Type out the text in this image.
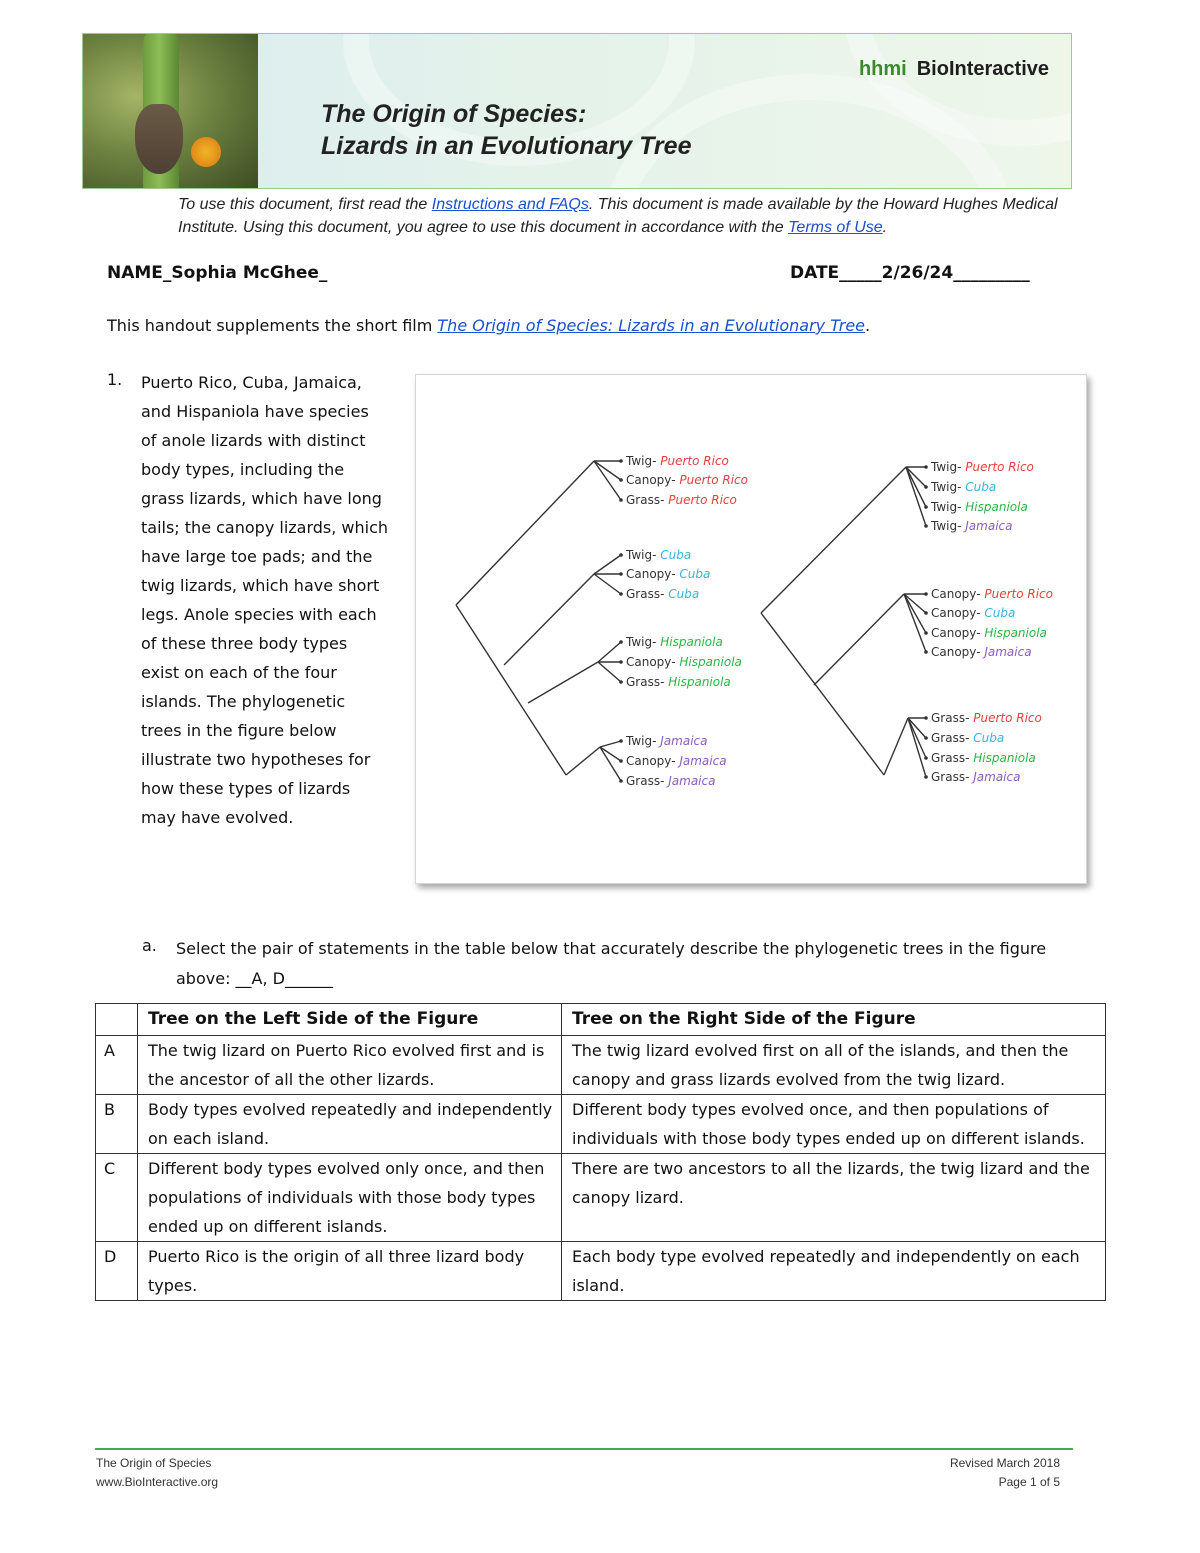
The Origin of Species:
Lizards in an Evolutionary Tree
hhmi BioInteractive
To use this document, first read the Instructions and FAQs. This document is made available by the Howard Hughes Medical Institute. Using this document, you agree to use this document in accordance with the Terms of Use.
NAME_Sophia McGhee_	DATE_____2/26/24_________
This handout supplements the short film The Origin of Species: Lizards in an Evolutionary Tree.
1. Puerto Rico, Cuba, Jamaica, and Hispaniola have species of anole lizards with distinct body types, including the grass lizards, which have long tails; the canopy lizards, which have large toe pads; and the twig lizards, which have short legs. Anole species with each of these three body types exist on each of the four islands. The phylogenetic trees in the figure below illustrate two hypotheses for how these types of lizards may have evolved.
Twig- Puerto Rico
Canopy- Puerto Rico
Grass- Puerto Rico
Twig- Cuba
Canopy- Cuba
Grass- Cuba
Twig- Hispaniola
Canopy- Hispaniola
Grass- Hispaniola
Twig- Jamaica
Canopy- Jamaica
Grass- Jamaica
Twig- Puerto Rico
Twig- Cuba
Twig- Hispaniola
Twig- Jamaica
Canopy- Puerto Rico
Canopy- Cuba
Canopy- Hispaniola
Canopy- Jamaica
Grass- Puerto Rico
Grass- Cuba
Grass- Hispaniola
Grass- Jamaica
a. Select the pair of statements in the table below that accurately describe the phylogenetic trees in the figure above: __A, D______
	Tree on the Left Side of the Figure	Tree on the Right Side of the Figure
A	The twig lizard on Puerto Rico evolved first and is the ancestor of all the other lizards.	The twig lizard evolved first on all of the islands, and then the canopy and grass lizards evolved from the twig lizard.
B	Body types evolved repeatedly and independently on each island.	Different body types evolved once, and then populations of individuals with those body types ended up on different islands.
C	Different body types evolved only once, and then populations of individuals with those body types ended up on different islands.	There are two ancestors to all the lizards, the twig lizard and the canopy lizard.
D	Puerto Rico is the origin of all three lizard body types.	Each body type evolved repeatedly and independently on each island.
The Origin of Species
www.BioInteractive.org
Revised March 2018
Page 1 of 5
